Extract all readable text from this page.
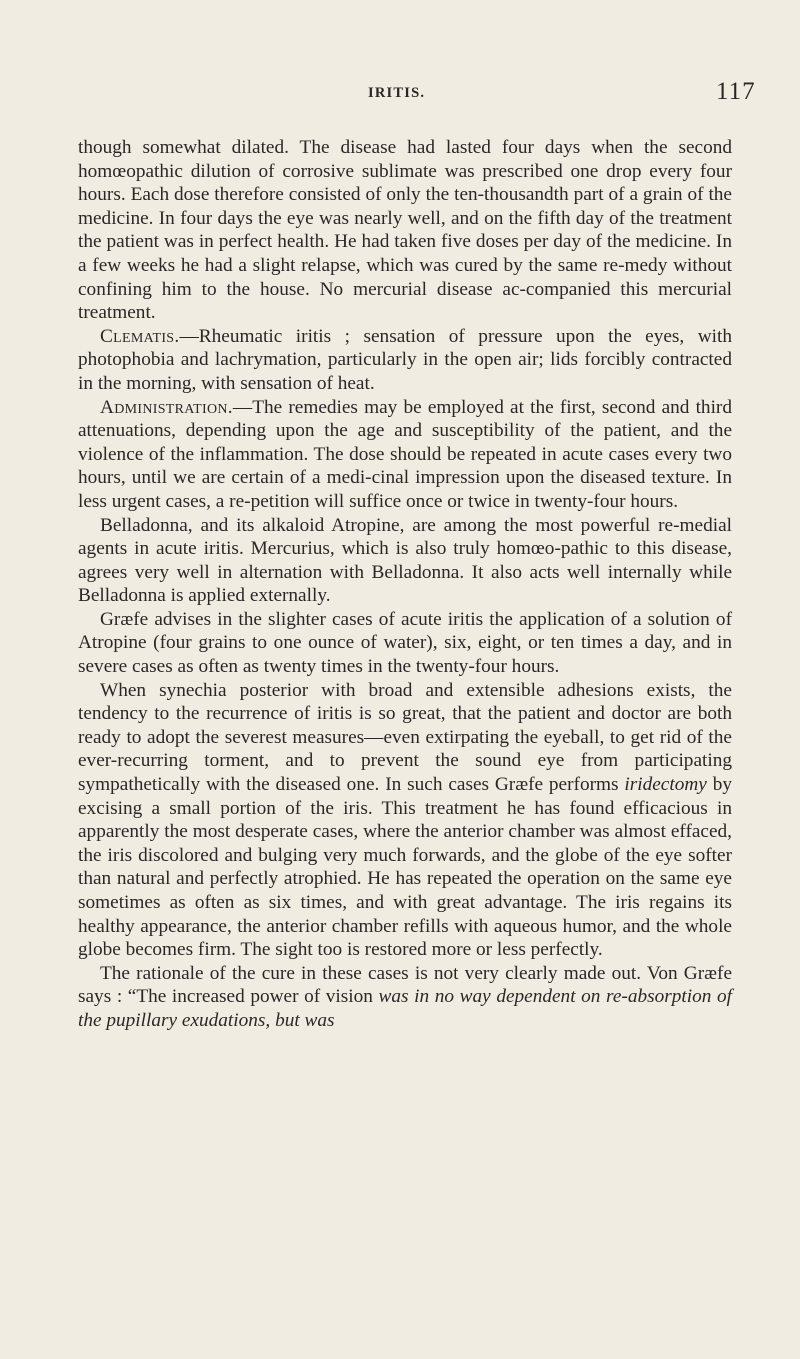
IRITIS.	117

though somewhat dilated. The disease had lasted four days when the second homœopathic dilution of corrosive sublimate was prescribed one drop every four hours. Each dose therefore consisted of only the ten-thousandth part of a grain of the medicine. In four days the eye was nearly well, and on the fifth day of the treatment the patient was in perfect health. He had taken five doses per day of the medicine. In a few weeks he had a slight relapse, which was cured by the same re-medy without confining him to the house. No mercurial disease ac-companied this mercurial treatment.

Clematis.—Rheumatic iritis ; sensation of pressure upon the eyes, with photophobia and lachrymation, particularly in the open air; lids forcibly contracted in the morning, with sensation of heat.

Administration.—The remedies may be employed at the first, second and third attenuations, depending upon the age and susceptibility of the patient, and the violence of the inflammation. The dose should be repeated in acute cases every two hours, until we are certain of a medi-cinal impression upon the diseased texture. In less urgent cases, a re-petition will suffice once or twice in twenty-four hours.

Belladonna, and its alkaloid Atropine, are among the most powerful re-medial agents in acute iritis. Mercurius, which is also truly homœo-pathic to this disease, agrees very well in alternation with Belladonna. It also acts well internally while Belladonna is applied externally.

Græfe advises in the slighter cases of acute iritis the application of a solution of Atropine (four grains to one ounce of water), six, eight, or ten times a day, and in severe cases as often as twenty times in the twenty-four hours.

When synechia posterior with broad and extensible adhesions exists, the tendency to the recurrence of iritis is so great, that the patient and doctor are both ready to adopt the severest measures—even extirpating the eyeball, to get rid of the ever-recurring torment, and to prevent the sound eye from participating sympathetically with the diseased one. In such cases Græfe performs iridectomy by excising a small portion of the iris. This treatment he has found efficacious in apparently the most desperate cases, where the anterior chamber was almost effaced, the iris discolored and bulging very much forwards, and the globe of the eye softer than natural and perfectly atrophied. He has repeated the operation on the same eye sometimes as often as six times, and with great advantage. The iris regains its healthy appearance, the anterior chamber refills with aqueous humor, and the whole globe becomes firm. The sight too is restored more or less perfectly.

The rationale of the cure in these cases is not very clearly made out. Von Græfe says : “The increased power of vision was in no way dependent on re-absorption of the pupillary exudations, but was
